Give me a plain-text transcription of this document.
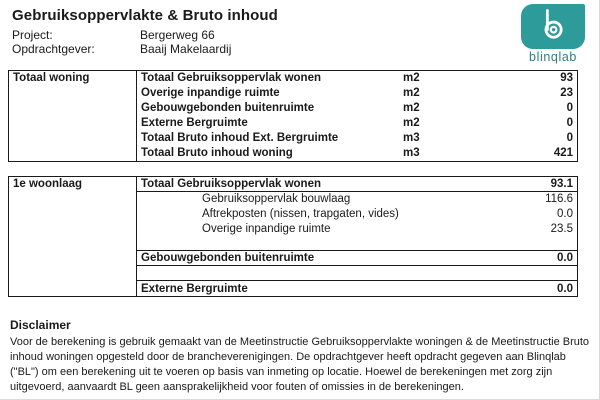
Gebruiksoppervlakte & Bruto inhoud
Project:	Bergerweg 66
Opdrachtgever:	Baaij Makelaardij
blinqlab
Totaal woning	Totaal Gebruiksoppervlak wonen	m2	93
Overige inpandige ruimte	m2	23
Gebouwgebonden buitenruimte	m2	0
Externe Bergruimte	m2	0
Totaal Bruto inhoud Ext. Bergruimte	m3	0
Totaal Bruto inhoud woning	m3	421
1e woonlaag	Totaal Gebruiksoppervlak wonen	93.1
Gebruiksoppervlak bouwlaag	116.6
Aftrekposten (nissen, trapgaten, vides)	0.0
Overige inpandige ruimte	23.5
Gebouwgebonden buitenruimte	0.0
Externe Bergruimte	0.0
Disclaimer
Voor de berekening is gebruik gemaakt van de Meetinstructie Gebruiksoppervlakte woningen & de Meetinstructie Bruto inhoud woningen opgesteld door de brancheverenigingen. De opdrachtgever heeft opdracht gegeven aan Blinqlab ("BL") om een berekening uit te voeren op basis van inmeting op locatie. Hoewel de berekeningen met zorg zijn uitgevoerd, aanvaardt BL geen aansprakelijkheid voor fouten of omissies in de berekeningen.
